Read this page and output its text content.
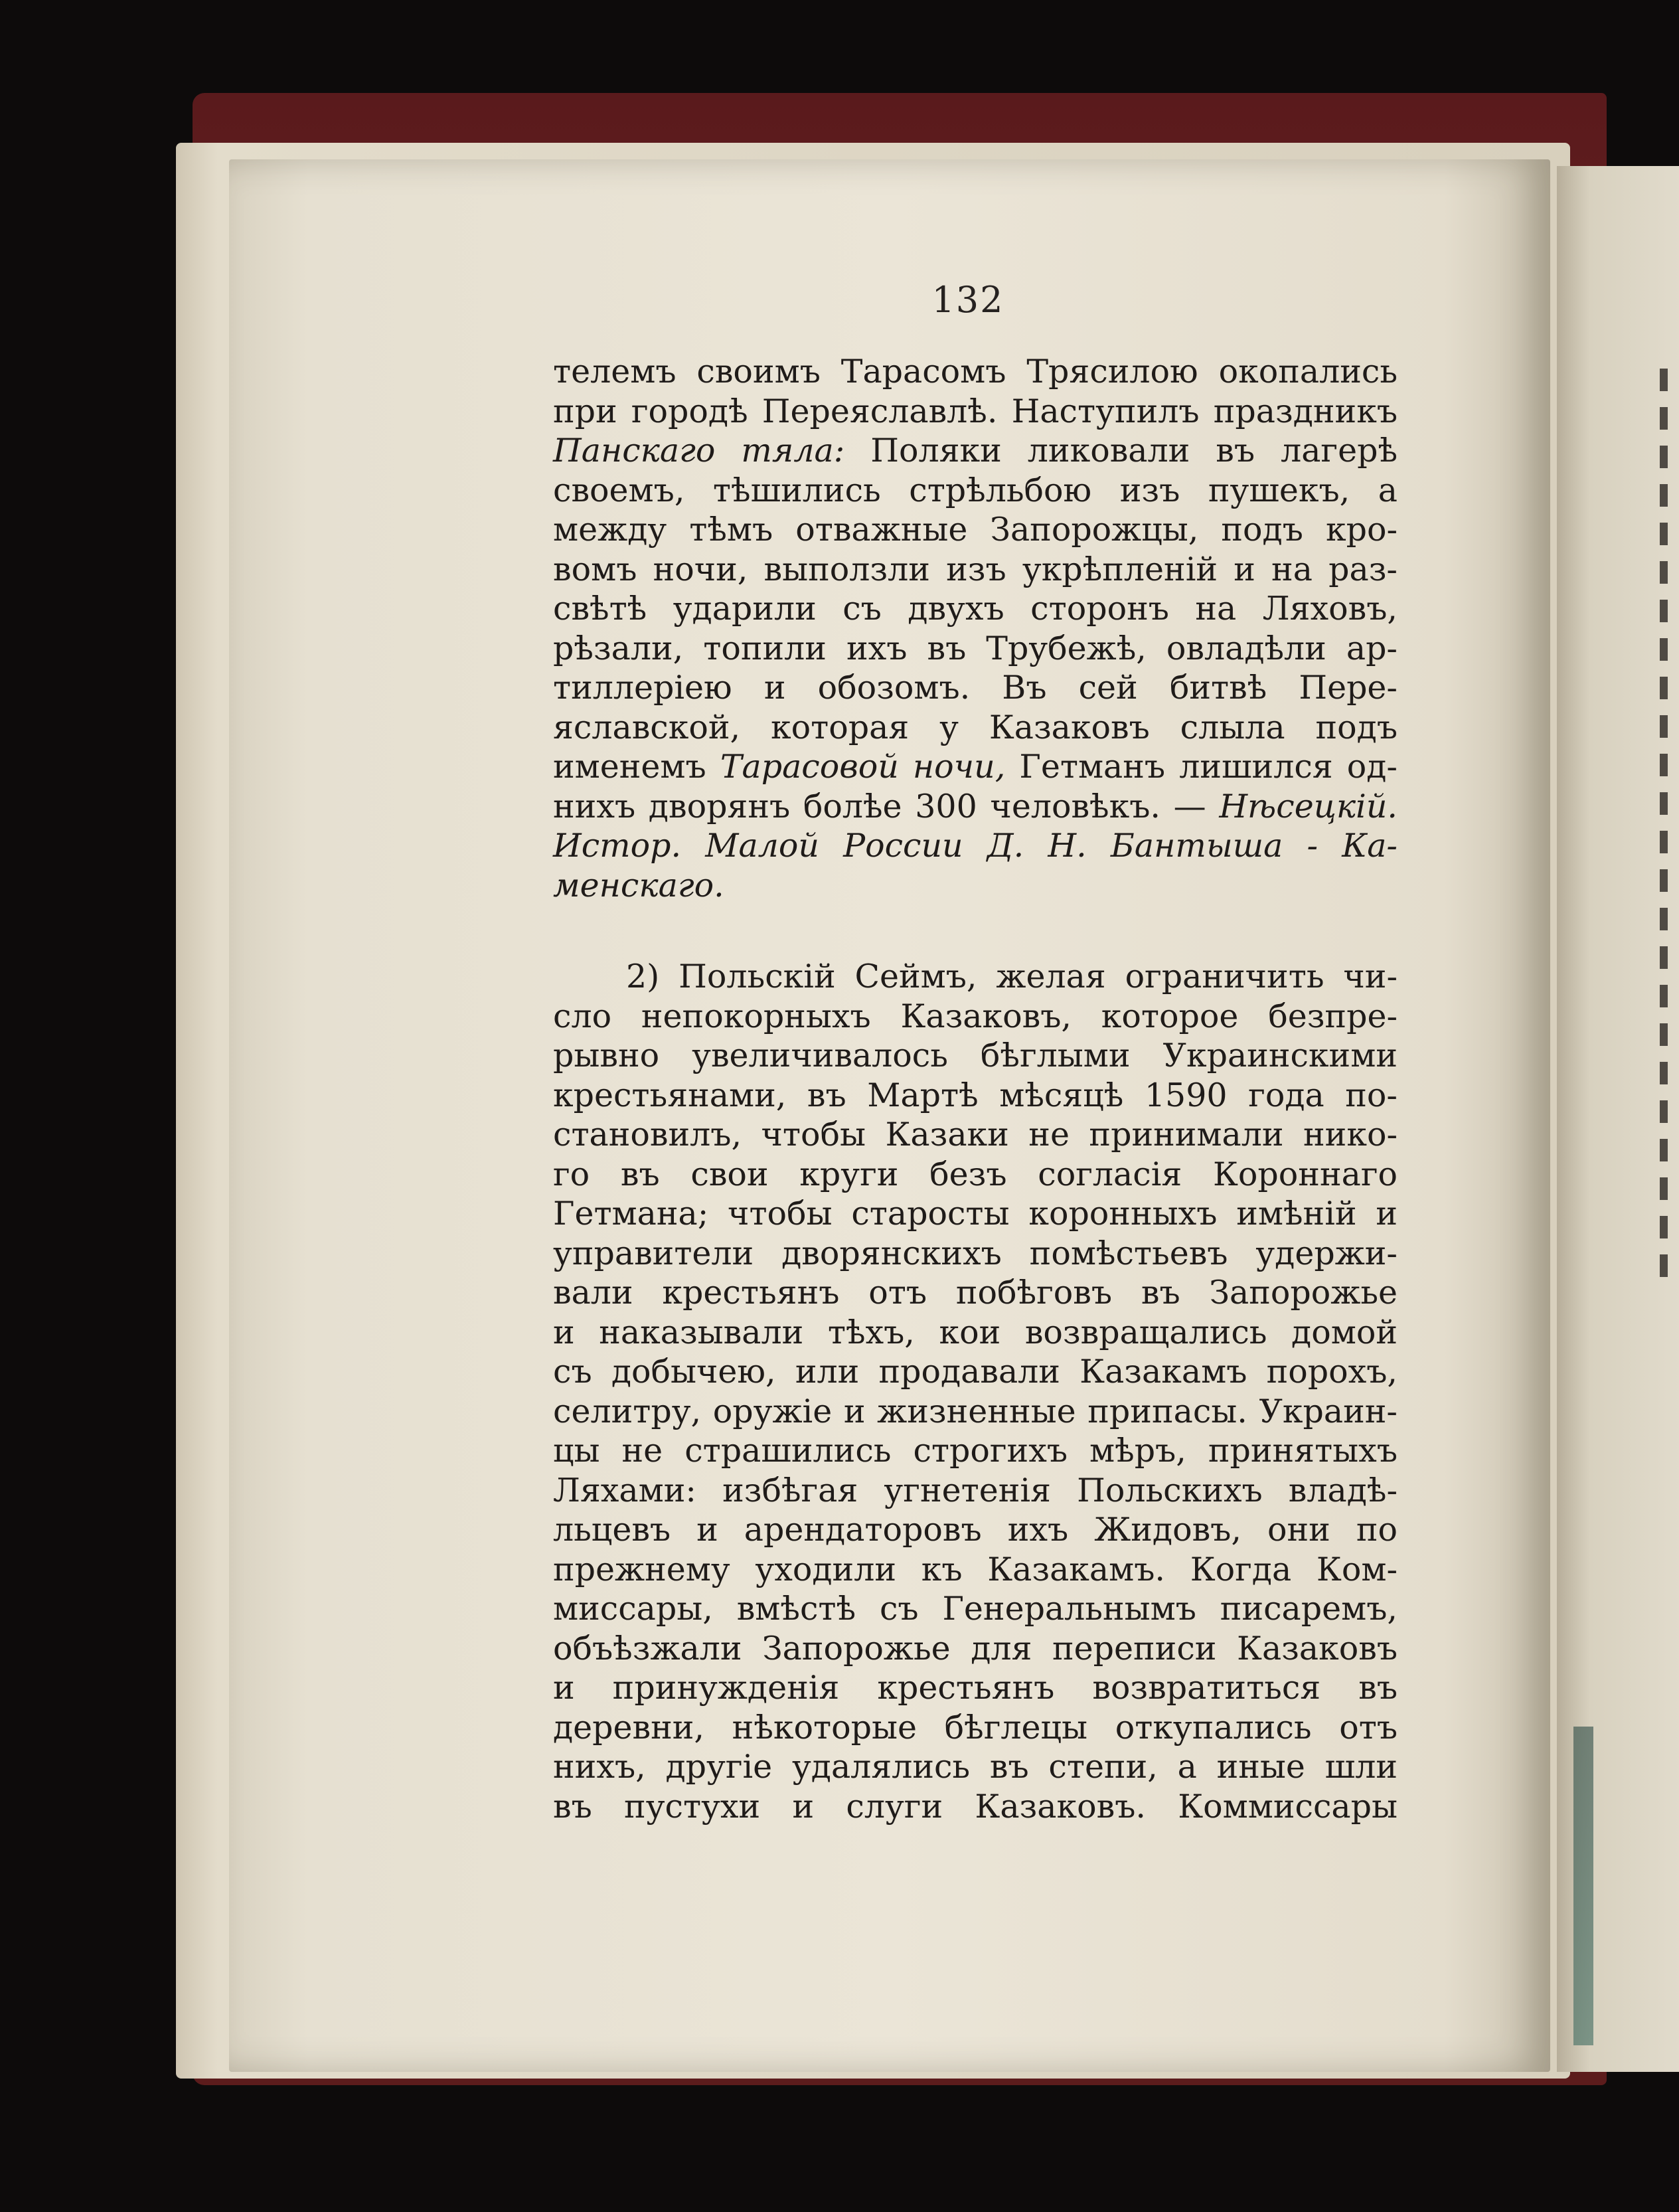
132
телемъ своимъ Тарасомъ Трясилою окопались
при городѣ Переяславлѣ. Наступилъ праздникъ
Панскаго тяла: Поляки ликовали въ лагерѣ
своемъ, тѣшились стрѣльбою изъ пушекъ, а
между тѣмъ отважные Запорожцы, подъ кро-
вомъ ночи, выползли изъ укрѣпленій и на раз-
свѣтѣ ударили съ двухъ сторонъ на Ляховъ,
рѣзали, топили ихъ въ Трубежѣ, овладѣли ар-
тиллеріею и обозомъ. Въ сей битвѣ Пере-
яславской, которая у Казаковъ слыла подъ
именемъ Тарасовой ночи, Гетманъ лишился од-
нихъ дворянъ болѣе 300 человѣкъ. — Нѣсецкій.
Истор. Малой России Д. Н. Бантыша - Ка-
менскаго.
2) Польскій Сеймъ, желая ограничить чи-
сло непокорныхъ Казаковъ, которое безпре-
рывно увеличивалось бѣглыми Украинскими
крестьянами, въ Мартѣ мѣсяцѣ 1590 года по-
становилъ, чтобы Казаки не принимали нико-
го въ свои круги безъ согласія Короннаго
Гетмана; чтобы старосты коронныхъ имѣній и
управители дворянскихъ помѣстьевъ удержи-
вали крестьянъ отъ побѣговъ въ Запорожье
и наказывали тѣхъ, кои возвращались домой
съ добычею, или продавали Казакамъ порохъ,
селитру, оружіе и жизненные припасы. Украин-
цы не страшились строгихъ мѣръ, принятыхъ
Ляхами: избѣгая угнетенія Польскихъ владѣ-
льцевъ и арендаторовъ ихъ Жидовъ, они по
прежнему уходили къ Казакамъ. Когда Ком-
миссары, вмѣстѣ съ Генеральнымъ писаремъ,
объѣзжали Запорожье для переписи Казаковъ
и принужденія крестьянъ возвратиться въ
деревни, нѣкоторые бѣглецы откупались отъ
нихъ, другіе удалялись въ степи, а иные шли
въ пустухи и слуги Казаковъ. Коммиссары
